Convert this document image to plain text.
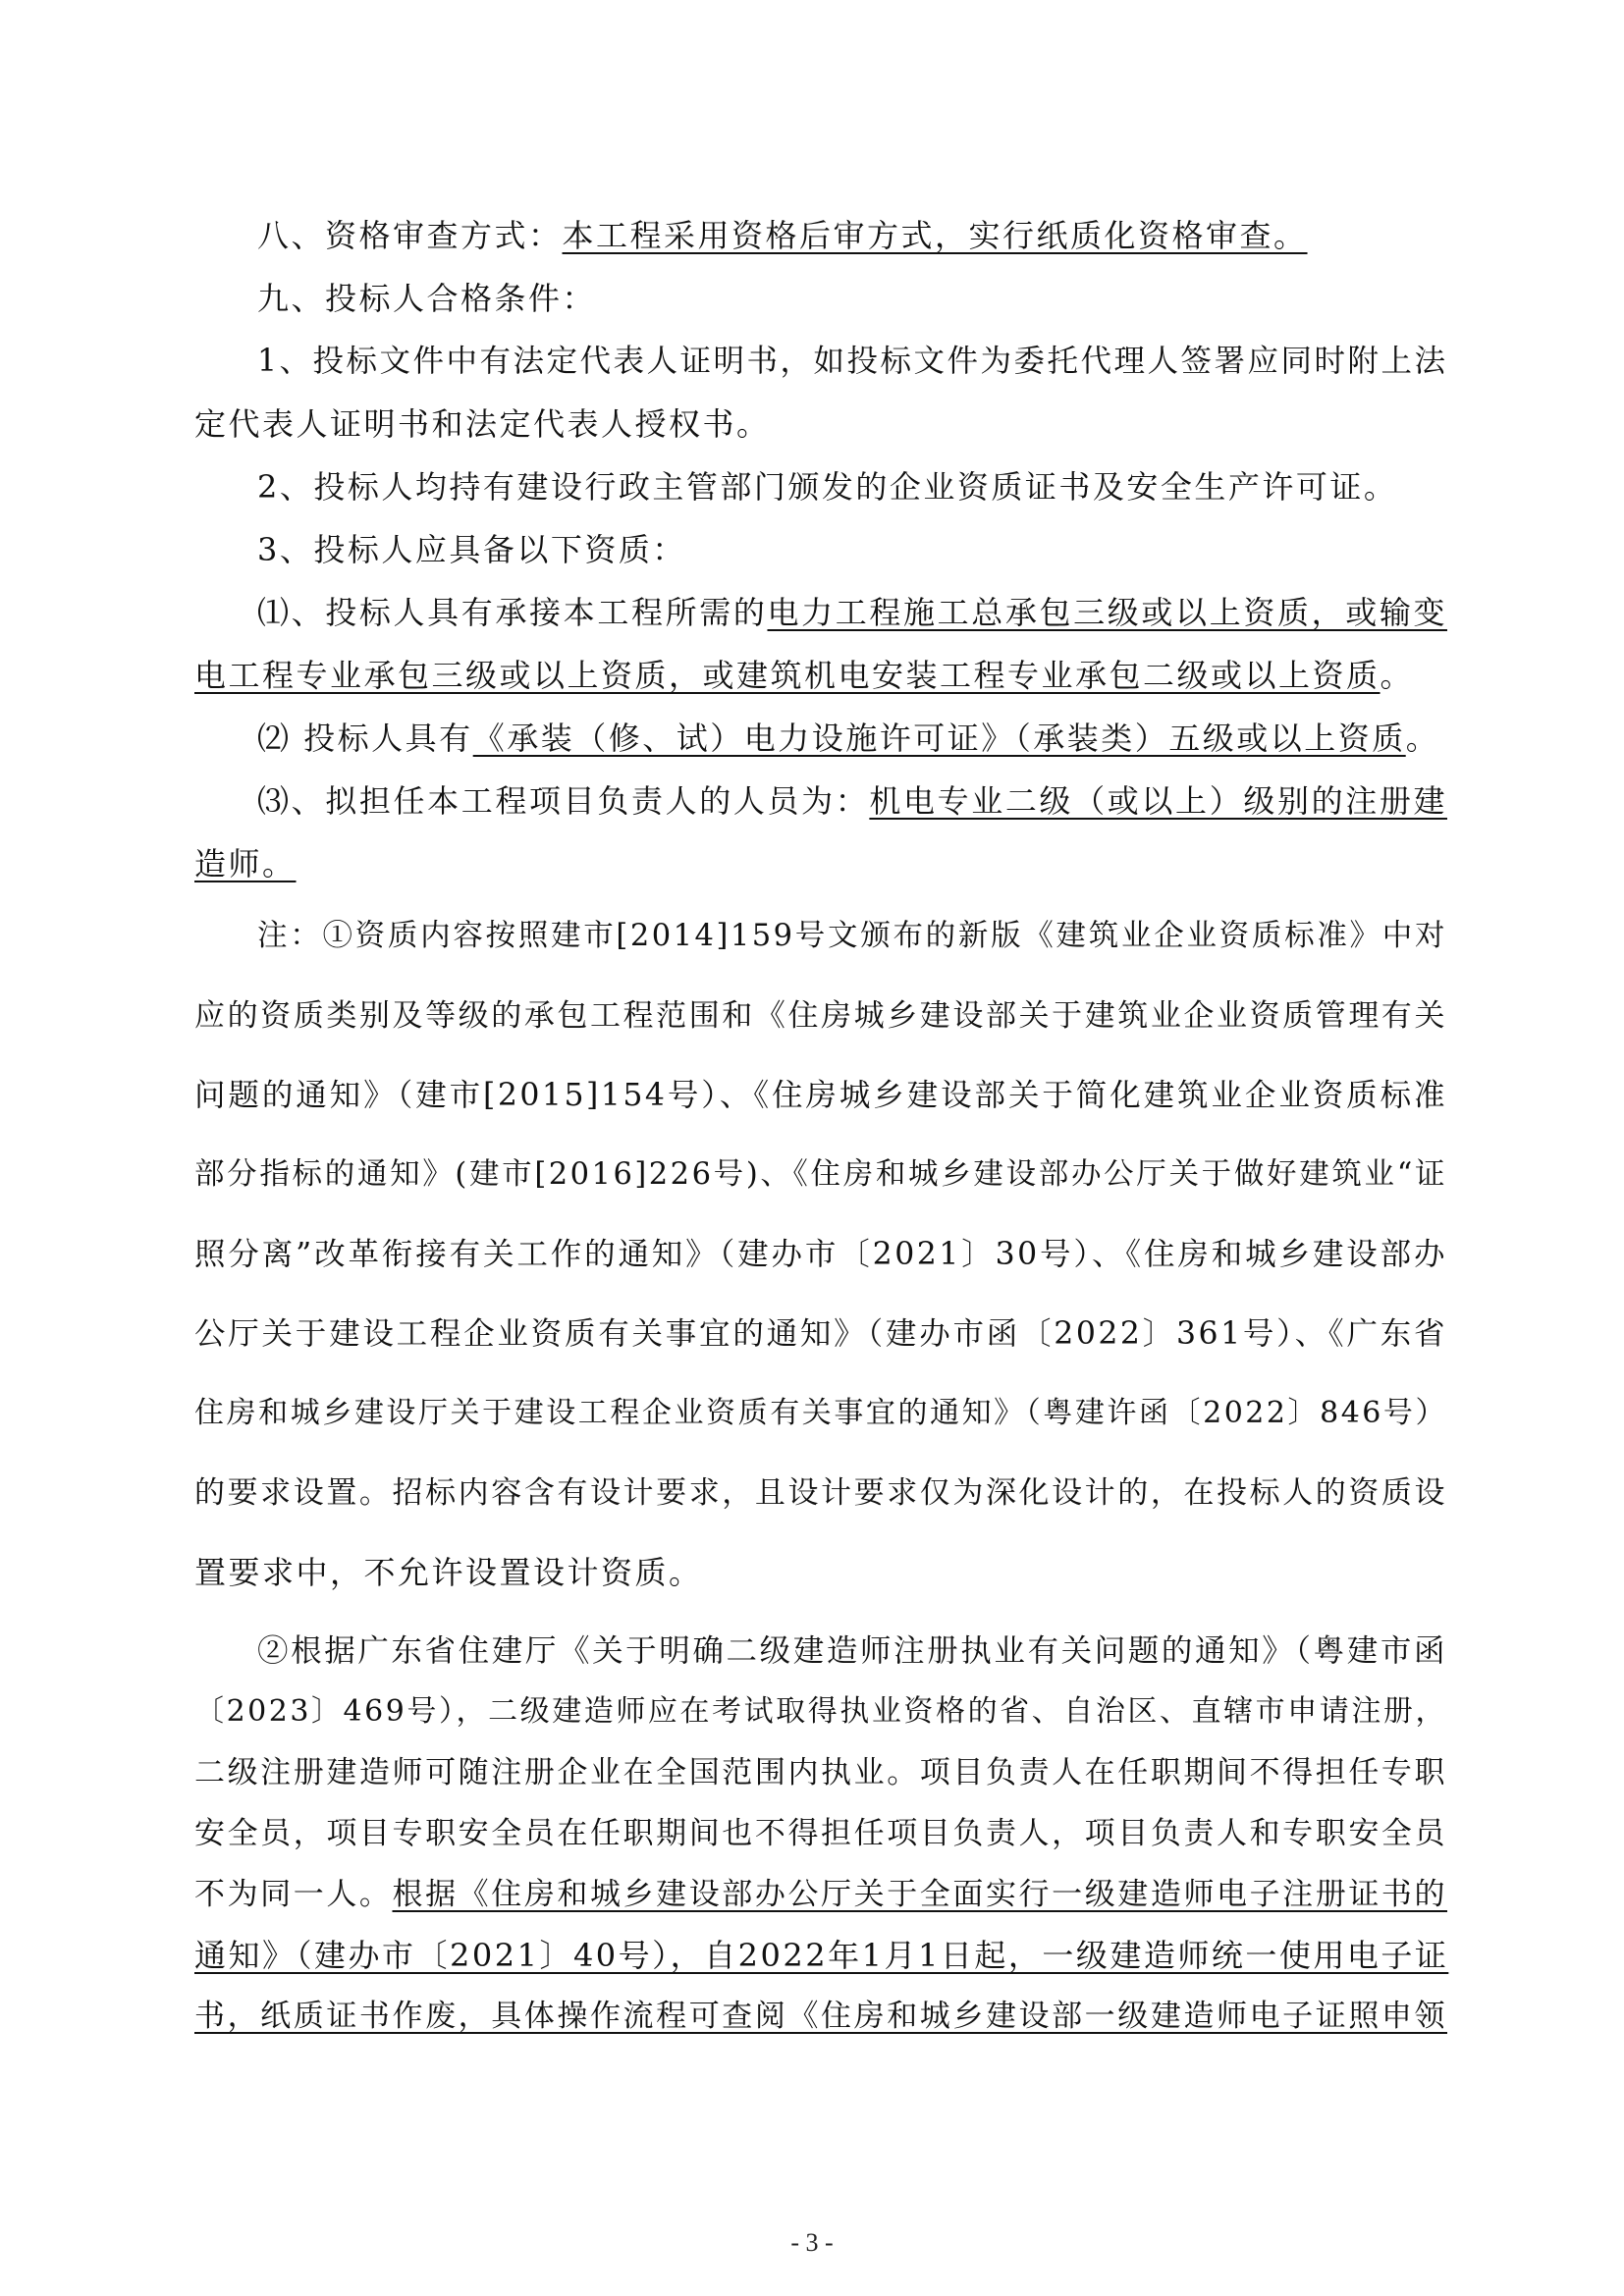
八、资格审查方式：本工程采用资格后审方式，实行纸质化资格审查。
九、投标人合格条件：
1、投标文件中有法定代表人证明书，如投标文件为委托代理人签署应同时附上法
定代表人证明书和法定代表人授权书。
2、投标人均持有建设行政主管部门颁发的企业资质证书及安全生产许可证。
3、投标人应具备以下资质：
⑴、投标人具有承接本工程所需的电力工程施工总承包三级或以上资质，或输变
电工程专业承包三级或以上资质，或建筑机电安装工程专业承包二级或以上资质。
⑵ 投标人具有《承装（修、试）电力设施许可证》（承装类）五级或以上资质。
⑶、拟担任本工程项目负责人的人员为：机电专业二级（或以上）级别的注册建
造师。
注：①资质内容按照建市[2014]159号文颁布的新版《建筑业企业资质标准》中对
应的资质类别及等级的承包工程范围和《住房城乡建设部关于建筑业企业资质管理有关
问题的通知》（建市[2015]154号）、《住房城乡建设部关于简化建筑业企业资质标准
部分指标的通知》(建市[2016]226号)、《住房和城乡建设部办公厅关于做好建筑业“证
照分离”改革衔接有关工作的通知》（建办市〔2021〕30号）、《住房和城乡建设部办
公厅关于建设工程企业资质有关事宜的通知》（建办市函〔2022〕361号）、《广东省
住房和城乡建设厅关于建设工程企业资质有关事宜的通知》（粤建许函〔2022〕846号）
的要求设置。招标内容含有设计要求，且设计要求仅为深化设计的，在投标人的资质设
置要求中，不允许设置设计资质。
②根据广东省住建厅《关于明确二级建造师注册执业有关问题的通知》（粤建市函
〔2023〕469号），二级建造师应在考试取得执业资格的省、自治区、直辖市申请注册，
二级注册建造师可随注册企业在全国范围内执业。项目负责人在任职期间不得担任专职
安全员，项目专职安全员在任职期间也不得担任项目负责人，项目负责人和专职安全员
不为同一人。根据《住房和城乡建设部办公厅关于全面实行一级建造师电子注册证书的
通知》（建办市〔2021〕40号），自2022年1月1日起，一级建造师统一使用电子证
书，纸质证书作废，具体操作流程可查阅《住房和城乡建设部一级建造师电子证照申领
- 3 -
